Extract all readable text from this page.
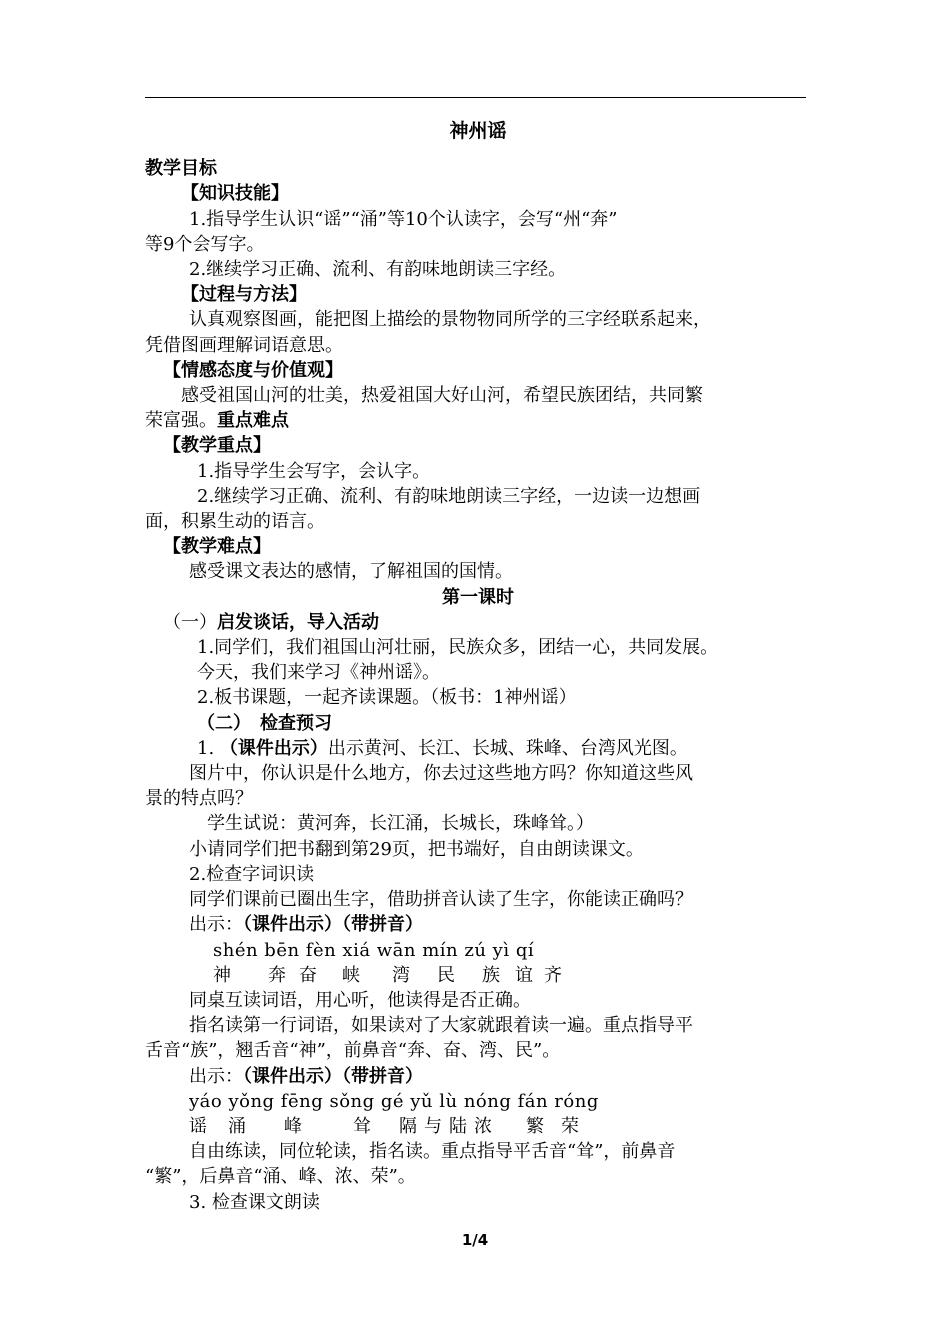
神州谣

教学目标

【知识技能】

1.指导学生认识“谣”“涌”等10个认读字，会写“州“奔”

等9个会写字。

2.继续学习正确、流利、有韵味地朗读三字经。

【过程与方法】

认真观察图画，能把图上描绘的景物物同所学的三字经联系起来，

凭借图画理解词语意思。

【情感态度与价值观】

感受祖国山河的壮美，热爱祖国大好山河，希望民族团结，共同繁

荣富强。重点难点

【教学重点】

1.指导学生会写字，会认字。

2.继续学习正确、流利、有韵味地朗读三字经，一边读一边想画

面，积累生动的语言。

【教学难点】

感受课文表达的感情，了解祖国的国情。

第一课时

（一）启发谈话，导入活动

1.同学们，我们祖国山河壮丽，民族众多，团结一心，共同发展。

今天，我们来学习《神州谣》。

2.板书课题，一起齐读课题。（板书：1神州谣）

（二）　检查预习

1. （课件出示）出示黄河、长江、长城、珠峰、台湾风光图。

图片中，你认识是什么地方，你去过这些地方吗？你知道这些风

景的特点吗？

学生试说：黄河奔，长江涌，长城长，珠峰耸。）

小请同学们把书翻到第29页，把书端好，自由朗读课文。

2.检查字词识读

同学们课前已圈出生字，借助拼音认读了生字，你能读正确吗？

出示：（课件出示）（带拼音）

shén bēn fèn xiá wān mín zú yì qí

神 奔 奋 峡 湾 民 族 谊 齐

同桌互读词语，用心听，他读得是否正确。

指名读第一行词语，如果读对了大家就跟着读一遍。重点指导平

舌音“族”，翘舌音“神”，前鼻音“奔、奋、湾、民”。

出示：（课件出示）（带拼音）

yáo yǒng fēng sǒng gé yǔ lù nóng fán róng

谣 涌 峰	耸 隔 与 陆 浓 繁 荣

自由练读，同位轮读，指名读。重点指导平舌音“耸”，前鼻音

“繁”，后鼻音“涌、峰、浓、荣”。

3. 检查课文朗读

1/4
